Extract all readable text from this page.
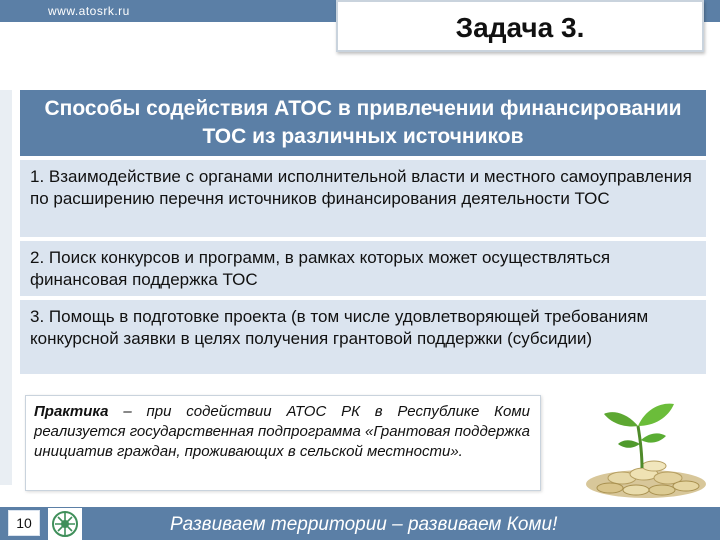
www.atosrk.ru
Задача 3.
Способы содействия АТОС в привлечении финансировании ТОС из различных источников
1. Взаимодействие с органами исполнительной власти и местного самоуправления по расширению перечня источников финансирования деятельности ТОС
2. Поиск конкурсов и программ, в рамках которых может осуществляться финансовая поддержка ТОС
3. Помощь в подготовке проекта (в том числе удовлетворяющей требованиям конкурсной заявки в целях получения грантовой поддержки (субсидии)
Практика – при содействии АТОС РК в Республике Коми реализуется государственная подпрограмма «Грантовая поддержка инициатив граждан, проживающих в сельской местности».
10	Развиваем территории – развиваем Коми!
